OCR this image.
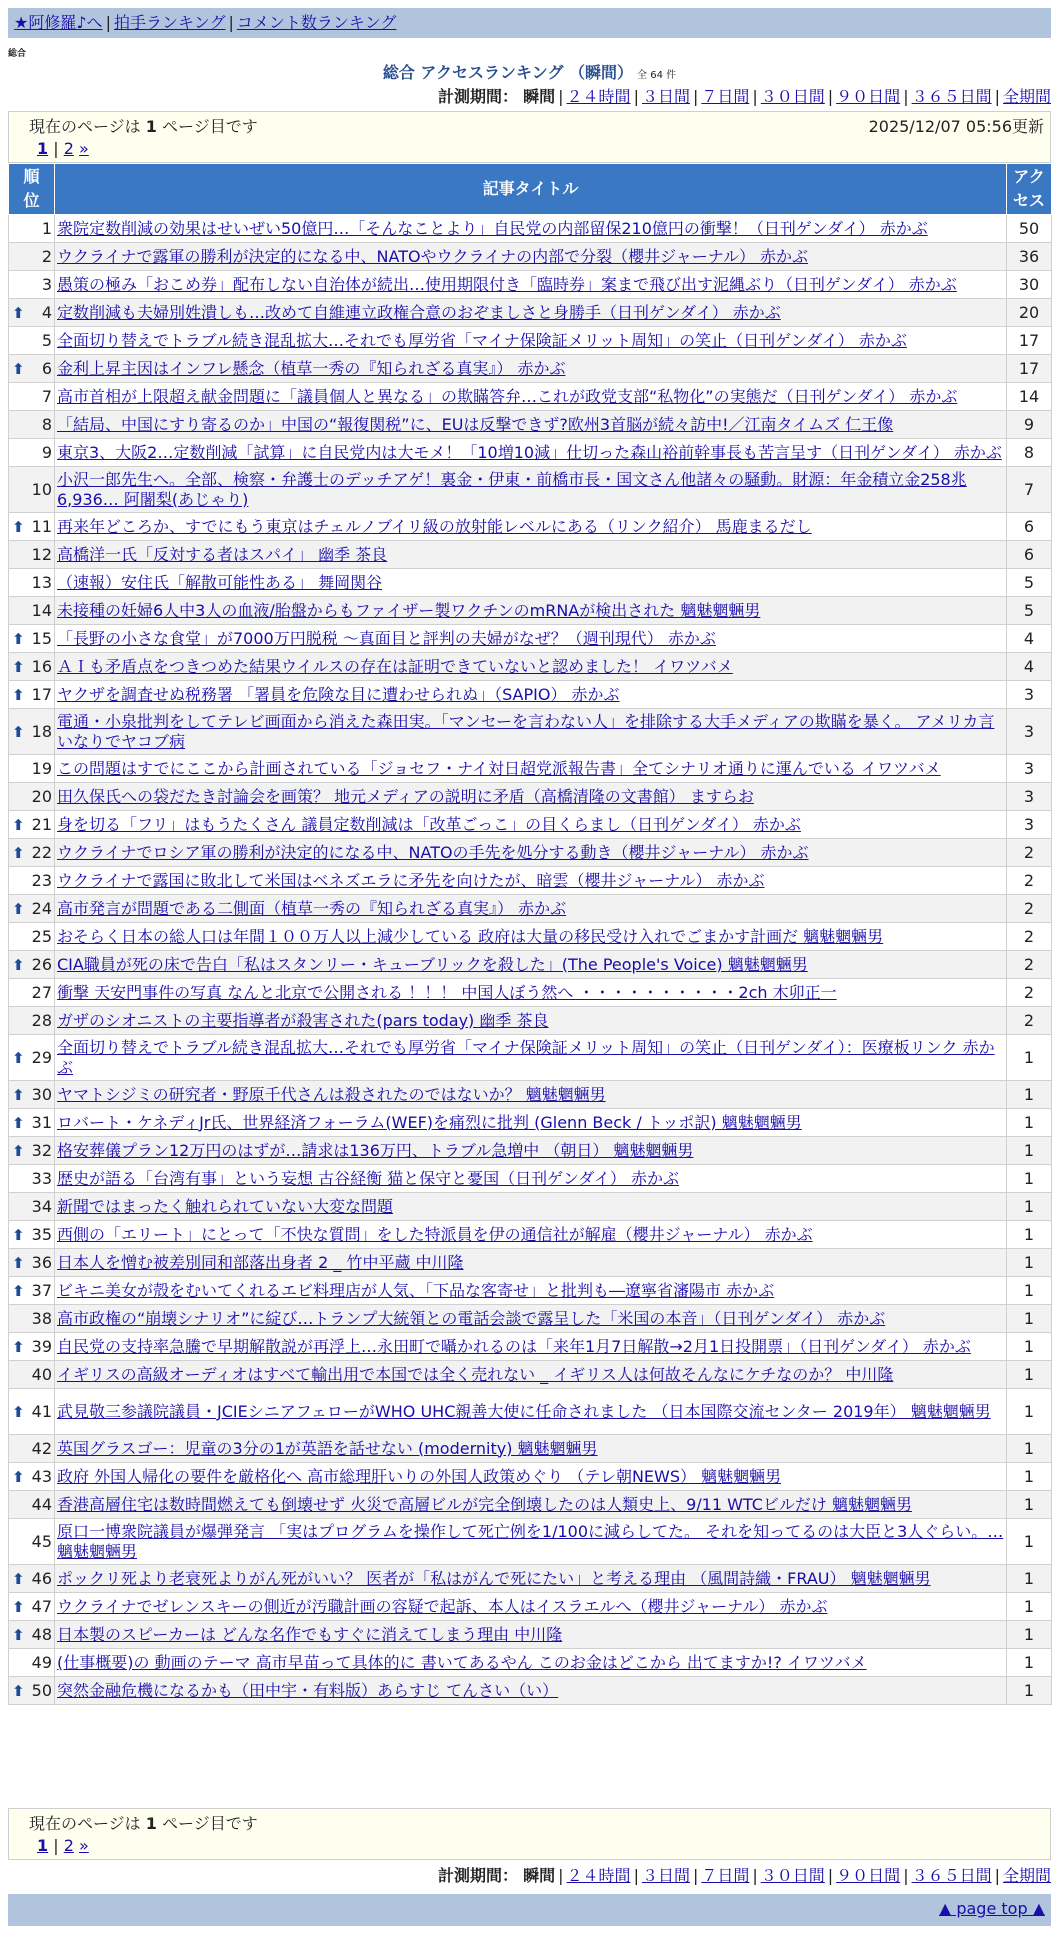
★阿修羅♪へ | 拍手ランキング | コメント数ランキング
総合
総合 アクセスランキング （瞬間） 全 64 件
計測期間： 瞬間 | ２４時間 | ３日間 | ７日間 | ３０日間 | ９０日間 | ３６５日間 | 全期間
現在のページは 1 ページ目です	2025/12/07 05:56更新
1 | 2 »
順位	記事タイトル	アクセス
1	衆院定数削減の効果はせいぜい50億円…「そんなことより」自民党の内部留保210億円の衝撃！（日刊ゲンダイ） 赤かぶ	50
2	ウクライナで露軍の勝利が決定的になる中、NATOやウクライナの内部で分裂（櫻井ジャーナル） 赤かぶ	36
3	愚策の極み「おこめ券」配布しない自治体が続出…使用期限付き「臨時券」案まで飛び出す泥縄ぶり（日刊ゲンダイ） 赤かぶ	30

⬆ 4	定数削減も夫婦別姓潰しも…改めて自維連立政権合意のおぞましさと身勝手（日刊ゲンダイ） 赤かぶ	20
5	全面切り替えでトラブル続き混乱拡大…それでも厚労省「マイナ保険証メリット周知」の笑止（日刊ゲンダイ） 赤かぶ	17

⬆ 6	金利上昇主因はインフレ懸念（植草一秀の『知られざる真実』） 赤かぶ	17
7	高市首相が上限超え献金問題に「議員個人と異なる」の欺瞞答弁…これが政党支部“私物化”の実態だ（日刊ゲンダイ） 赤かぶ	14
8	「結局、中国にすり寄るのか」中国の“報復関税”に、EUは反撃できず?欧州3首脳が続々訪中!／江南タイムズ 仁王像	9
9	東京3、大阪2…定数削減「試算」に自民党内は大モメ！「10増10減」仕切った森山裕前幹事長も苦言呈す（日刊ゲンダイ） 赤かぶ	8
10	小沢一郎先生へ。全部、検察・弁護士のデッチアゲ！裏金・伊東・前橋市長・国文さん他諸々の騒動。財源：年金積立金258兆6,936… 阿闍梨(あじゃり)	7

⬆ 11	再来年どころか、すでにもう東京はチェルノブイリ級の放射能レベルにある（リンク紹介） 馬鹿まるだし	6
12	高橋洋一氏「反対する者はスパイ」 幽季 茶良	6
13	（速報）安住氏「解散可能性ある」 舞岡関谷	5
14	未接種の妊婦6人中3人の血液/胎盤からもファイザー製ワクチンのmRNAが検出された 魑魅魍魎男	5

⬆ 15	「長野の小さな食堂」が7000万円脱税 ～真面目と評判の夫婦がなぜ？（週刊現代） 赤かぶ	4

⬆ 16	ＡＩも矛盾点をつきつめた結果ウイルスの存在は証明できていないと認めました！ イワツバメ	4

⬆ 17	ヤクザを調査せぬ税務署 「署員を危険な目に遭わせられぬ」（SAPIO） 赤かぶ	3

⬆ 18	電通・小泉批判をしてテレビ画面から消えた森田実。「マンセーを言わない人」を排除する大手メディアの欺瞞を暴く。 アメリカ言いなりでヤコブ病	3
19	この問題はすでにここから計画されている「ジョセフ・ナイ対日超党派報告書」全てシナリオ通りに運んでいる イワツバメ	3
20	田久保氏への袋だたき討論会を画策？ 地元メディアの説明に矛盾（高橋清隆の文書館） ますらお	3

⬆ 21	身を切る「フリ」はもうたくさん 議員定数削減は「改革ごっこ」の目くらまし（日刊ゲンダイ） 赤かぶ	3

⬆ 22	ウクライナでロシア軍の勝利が決定的になる中、NATOの手先を処分する動き（櫻井ジャーナル） 赤かぶ	2
23	ウクライナで露国に敗北して米国はベネズエラに矛先を向けたが、暗雲（櫻井ジャーナル） 赤かぶ	2

⬆ 24	高市発言が問題である二側面（植草一秀の『知られざる真実』） 赤かぶ	2
25	おそらく日本の総人口は年間１００万人以上減少している 政府は大量の移民受け入れでごまかす計画だ 魑魅魍魎男	2

⬆ 26	CIA職員が死の床で告白「私はスタンリー・キューブリックを殺した」(The People's Voice) 魑魅魍魎男	2
27	衝撃 天安門事件の写真 なんと北京で公開される ！！！ 中国人ぼう然へ ・・・・・・・・・・2ch 木卯正一	2
28	ガザのシオニストの主要指導者が殺害された(pars today) 幽季 茶良	2

⬆ 29	全面切り替えでトラブル続き混乱拡大…それでも厚労省「マイナ保険証メリット周知」の笑止（日刊ゲンダイ）：医療板リンク 赤かぶ	1

⬆ 30	ヤマトシジミの研究者・野原千代さんは殺されたのではないか？ 魑魅魍魎男	1

⬆ 31	ロバート・ケネディJr氏、世界経済フォーラム(WEF)を痛烈に批判 (Glenn Beck / トッポ訳) 魑魅魍魎男	1

⬆ 32	格安葬儀プラン12万円のはずが…請求は136万円、トラブル急増中 （朝日） 魑魅魍魎男	1
33	歴史が語る「台湾有事」という妄想 古谷経衡 猫と保守と憂国（日刊ゲンダイ） 赤かぶ	1
34	新聞ではまったく触れられていない大変な問題	1

⬆ 35	西側の「エリート」にとって「不快な質問」をした特派員を伊の通信社が解雇（櫻井ジャーナル） 赤かぶ	1

⬆ 36	日本人を憎む被差別同和部落出身者 2 _ 竹中平蔵 中川隆	1

⬆ 37	ビキニ美女が殻をむいてくれるエビ料理店が人気、「下品な客寄せ」と批判も―遼寧省瀋陽市 赤かぶ	1
38	高市政権の“崩壊シナリオ”に綻び…トランプ大統領との電話会談で露呈した「米国の本音」（日刊ゲンダイ） 赤かぶ	1

⬆ 39	自民党の支持率急騰で早期解散説が再浮上…永田町で囁かれるのは「来年1月7日解散→2月1日投開票」（日刊ゲンダイ） 赤かぶ	1
40	イギリスの高級オーディオはすべて輸出用で本国では全く売れない _ イギリス人は何故そんなにケチなのか？ 中川隆	1

⬆ 41	武見敬三参議院議員・JCIEシニアフェローがWHO UHC親善大使に任命されました （日本国際交流センター 2019年） 魑魅魍魎男	1
42	英国グラスゴー：児童の3分の1が英語を話せない (modernity) 魑魅魍魎男	1

⬆ 43	政府 外国人帰化の要件を厳格化へ 高市総理肝いりの外国人政策めぐり （テレ朝NEWS） 魑魅魍魎男	1
44	香港高層住宅は数時間燃えても倒壊せず 火災で高層ビルが完全倒壊したのは人類史上、9/11 WTCビルだけ 魑魅魍魎男	1
45	原口一博衆院議員が爆弾発言 「実はプログラムを操作して死亡例を1/100に減らしてた。 それを知ってるのは大臣と3人ぐらい。… 魑魅魍魎男	1

⬆ 46	ポックリ死より老衰死よりがん死がいい？ 医者が「私はがんで死にたい」と考える理由 （風間詩織・FRAU） 魑魅魍魎男	1

⬆ 47	ウクライナでゼレンスキーの側近が汚職計画の容疑で起訴、本人はイスラエルへ（櫻井ジャーナル） 赤かぶ	1

⬆ 48	日本製のスピーカーは どんな名作でもすぐに消えてしまう理由 中川隆	1
49	(仕事概要)の 動画のテーマ 高市早苗って具体的に 書いてあるやん このお金はどこから 出てますか!? イワツバメ	1

⬆ 50	突然金融危機になるかも（田中宇・有料版）あらすじ てんさい（い）	1
現在のページは 1 ページ目です
1 | 2 »
計測期間： 瞬間 | ２４時間 | ３日間 | ７日間 | ３０日間 | ９０日間 | ３６５日間 | 全期間
▲ page top ▲
